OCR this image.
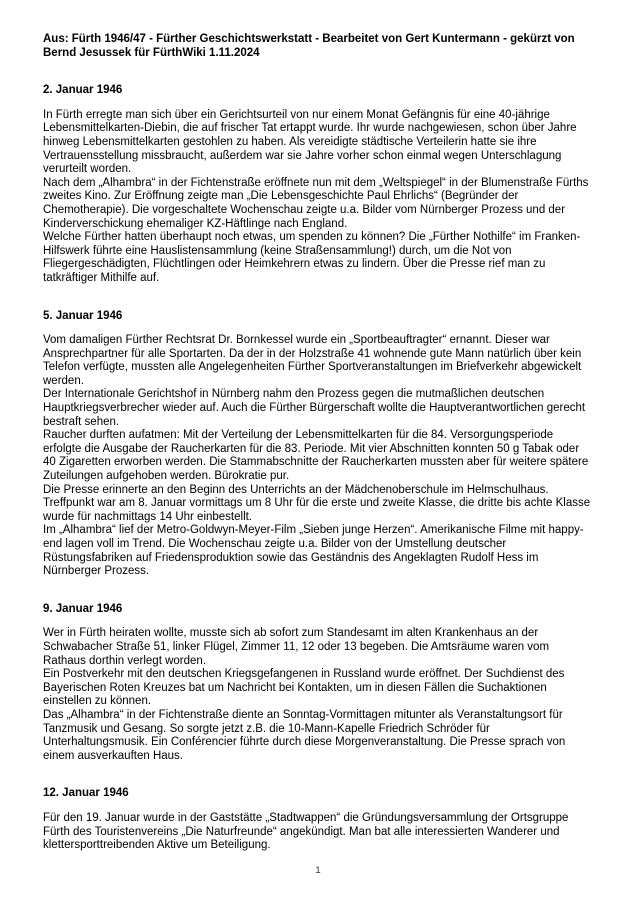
Aus: Fürth 1946/47 - Fürther Geschichtswerkstatt - Bearbeitet von Gert Kuntermann - gekürzt von Bernd Jesussek für FürthWiki 1.11.2024

2. Januar 1946

In Fürth erregte man sich über ein Gerichtsurteil von nur einem Monat Gefängnis für eine 40-jährige Lebensmittelkarten-Diebin, die auf frischer Tat ertappt wurde. Ihr wurde nachgewiesen, schon über Jahre hinweg Lebensmittelkarten gestohlen zu haben. Als vereidigte städtische Verteilerin hatte sie ihre Vertrauensstellung missbraucht, außerdem war sie Jahre vorher schon einmal wegen Unterschlagung verurteilt worden.

Nach dem „Alhambra“ in der Fichtenstraße eröffnete nun mit dem „Weltspiegel“ in der Blumenstraße Fürths zweites Kino. Zur Eröffnung zeigte man „Die Lebensgeschichte Paul Ehrlichs“ (Begründer der Chemotherapie). Die vorgeschaltete Wochenschau zeigte u.a. Bilder vom Nürnberger Prozess und der Kinderverschickung ehemaliger KZ-Häftlinge nach England.

Welche Fürther hatten überhaupt noch etwas, um spenden zu können? Die „Fürther Nothilfe“ im Franken-Hilfswerk führte eine Hauslistensammlung (keine Straßensammlung!) durch, um die Not von Fliegergeschädigten, Flüchtlingen oder Heimkehrern etwas zu lindern. Über die Presse rief man zu tatkräftiger Mithilfe auf.

5. Januar 1946

Vom damaligen Fürther Rechtsrat Dr. Bornkessel wurde ein „Sportbeauftragter“ ernannt. Dieser war Ansprechpartner für alle Sportarten. Da der in der Holzstraße 41 wohnende gute Mann natürlich über kein Telefon verfügte, mussten alle Angelegenheiten Fürther Sportveranstaltungen im Briefverkehr abgewickelt werden.

Der Internationale Gerichtshof in Nürnberg nahm den Prozess gegen die mutmaßlichen deutschen Hauptkriegsverbrecher wieder auf. Auch die Fürther Bürgerschaft wollte die Hauptverantwortlichen gerecht bestraft sehen.

Raucher durften aufatmen: Mit der Verteilung der Lebensmittelkarten für die 84. Versorgungsperiode erfolgte die Ausgabe der Raucherkarten für die 83. Periode. Mit vier Abschnitten konnten 50 g Tabak oder 40 Zigaretten erworben werden. Die Stammabschnitte der Raucherkarten mussten aber für weitere spätere Zuteilungen aufgehoben werden. Bürokratie pur.

Die Presse erinnerte an den Beginn des Unterrichts an der Mädchenoberschule im Helmschulhaus. Treffpunkt war am 8. Januar vormittags um 8 Uhr für die erste und zweite Klasse, die dritte bis achte Klasse wurde für nachmittags 14 Uhr einbestellt.

Im „Alhambra“ lief der Metro-Goldwyn-Meyer-Film „Sieben junge Herzen“. Amerikanische Filme mit happy-end lagen voll im Trend. Die Wochenschau zeigte u.a. Bilder von der Umstellung deutscher Rüstungsfabriken auf Friedensproduktion sowie das Geständnis des Angeklagten Rudolf Hess im Nürnberger Prozess.

9. Januar 1946

Wer in Fürth heiraten wollte, musste sich ab sofort zum Standesamt im alten Krankenhaus an der Schwabacher Straße 51, linker Flügel, Zimmer 11, 12 oder 13 begeben. Die Amtsräume waren vom Rathaus dorthin verlegt worden.

Ein Postverkehr mit den deutschen Kriegsgefangenen in Russland wurde eröffnet. Der Suchdienst des Bayerischen Roten Kreuzes bat um Nachricht bei Kontakten, um in diesen Fällen die Suchaktionen einstellen zu können.

Das „Alhambra“ in der Fichtenstraße diente an Sonntag-Vormittagen mitunter als Veranstaltungsort für Tanzmusik und Gesang. So sorgte jetzt z.B. die 10-Mann-Kapelle Friedrich Schröder für Unterhaltungsmusik. Ein Conférencier führte durch diese Morgenveranstaltung. Die Presse sprach von einem ausverkauften Haus.

12. Januar 1946

Für den 19. Januar wurde in der Gaststätte „Stadtwappen“ die Gründungsversammlung der Ortsgruppe Fürth des Touristenvereins „Die Naturfreunde“ angekündigt. Man bat alle interessierten Wanderer und klettersporttreibenden Aktive um Beteiligung.

1
